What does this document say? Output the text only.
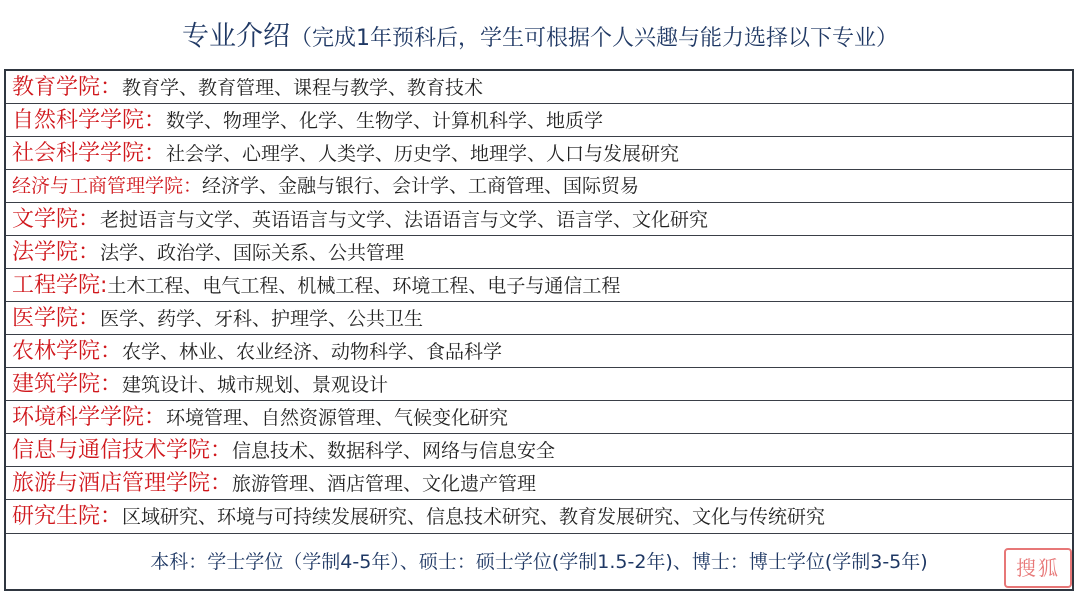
专业介绍（完成1年预科后，学生可根据个人兴趣与能力选择以下专业）
教育学院：教育学、教育管理、课程与教学、教育技术
自然科学学院：数学、物理学、化学、生物学、计算机科学、地质学
社会科学学院：社会学、心理学、人类学、历史学、地理学、人口与发展研究
经济与工商管理学院：经济学、金融与银行、会计学、工商管理、国际贸易
文学院：老挝语言与文学、英语语言与文学、法语语言与文学、语言学、文化研究
法学院：法学、政治学、国际关系、公共管理
工程学院:土木工程、电气工程、机械工程、环境工程、电子与通信工程
医学院：医学、药学、牙科、护理学、公共卫生
农林学院：农学、林业、农业经济、动物科学、食品科学
建筑学院：建筑设计、城市规划、景观设计
环境科学学院：环境管理、自然资源管理、气候变化研究
信息与通信技术学院：信息技术、数据科学、网络与信息安全
旅游与酒店管理学院：旅游管理、酒店管理、文化遗产管理
研究生院：区域研究、环境与可持续发展研究、信息技术研究、教育发展研究、文化与传统研究
本科：学士学位（学制4-5年）、硕士：硕士学位(学制1.5-2年)、博士：博士学位(学制3-5年)	搜狐
